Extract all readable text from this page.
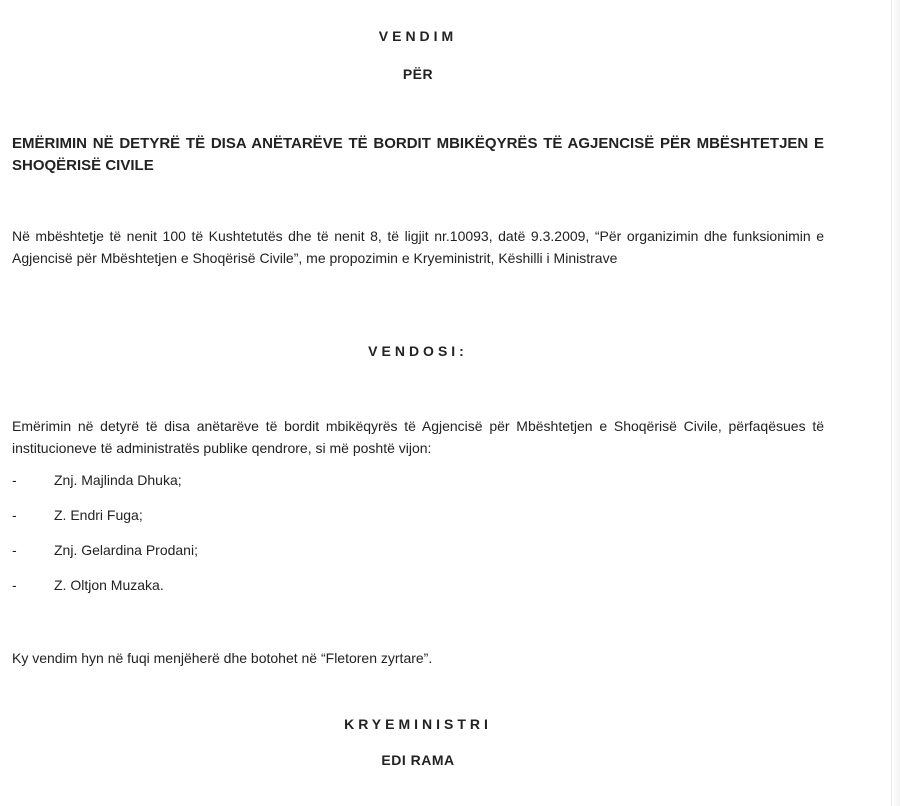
VENDIM
PËR
EMËRIMIN NË DETYRË TË DISA ANËTARËVE TË BORDIT MBIKËQYRËS TË AGJENCISË PËR MBËSHTETJEN E SHOQËRISË CIVILE
Në mbështetje të nenit 100 të Kushtetutës dhe të nenit 8, të ligjit nr.10093, datë 9.3.2009, “Për organizimin dhe funksionimin e Agjencisë për Mbështetjen e Shoqërisë Civile”, me propozimin e Kryeministrit, Këshilli i Ministrave
VENDOSI:
Emërimin në detyrë të disa anëtarëve të bordit mbikëqyrës të Agjencisë për Mbështetjen e Shoqërisë Civile, përfaqësues të institucioneve të administratës publike qendrore, si më poshtë vijon:
-	Znj. Majlinda Dhuka;
-	Z. Endri Fuga;
-	Znj. Gelardina Prodani;
-	Z. Oltjon Muzaka.
Ky vendim hyn në fuqi menjëherë dhe botohet në “Fletoren zyrtare”.
KRYEMINISTRI
EDI RAMA
